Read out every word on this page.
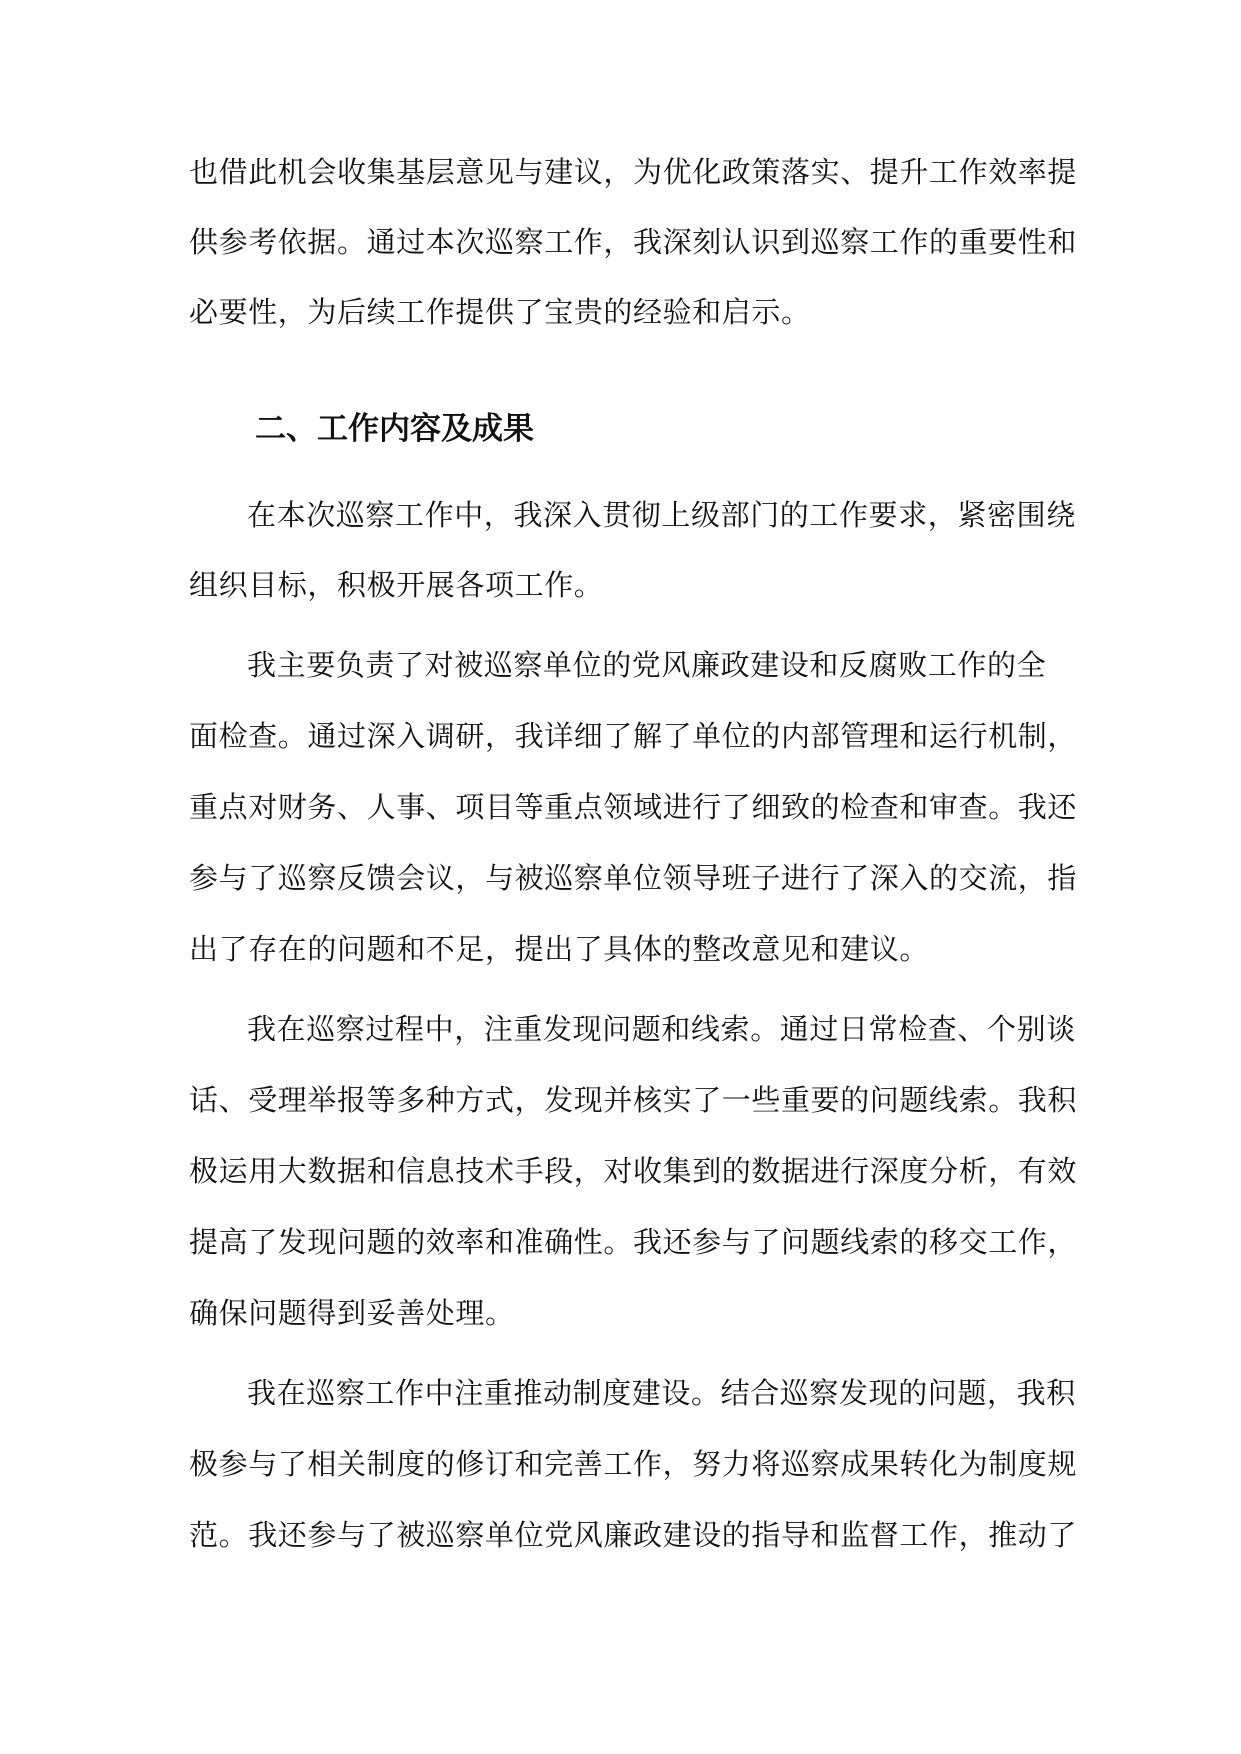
也借此机会收集基层意见与建议，为优化政策落实、提升工作效率提

供参考依据。通过本次巡察工作，我深刻认识到巡察工作的重要性和

必要性，为后续工作提供了宝贵的经验和启示。

二、工作内容及成果

在本次巡察工作中，我深入贯彻上级部门的工作要求，紧密围绕

组织目标，积极开展各项工作。

我主要负责了对被巡察单位的党风廉政建设和反腐败工作的全

面检查。通过深入调研，我详细了解了单位的内部管理和运行机制，

重点对财务、人事、项目等重点领域进行了细致的检查和审查。我还

参与了巡察反馈会议，与被巡察单位领导班子进行了深入的交流，指

出了存在的问题和不足，提出了具体的整改意见和建议。

我在巡察过程中，注重发现问题和线索。通过日常检查、个别谈

话、受理举报等多种方式，发现并核实了一些重要的问题线索。我积

极运用大数据和信息技术手段，对收集到的数据进行深度分析，有效

提高了发现问题的效率和准确性。我还参与了问题线索的移交工作，

确保问题得到妥善处理。

我在巡察工作中注重推动制度建设。结合巡察发现的问题，我积

极参与了相关制度的修订和完善工作，努力将巡察成果转化为制度规

范。我还参与了被巡察单位党风廉政建设的指导和监督工作，推动了
